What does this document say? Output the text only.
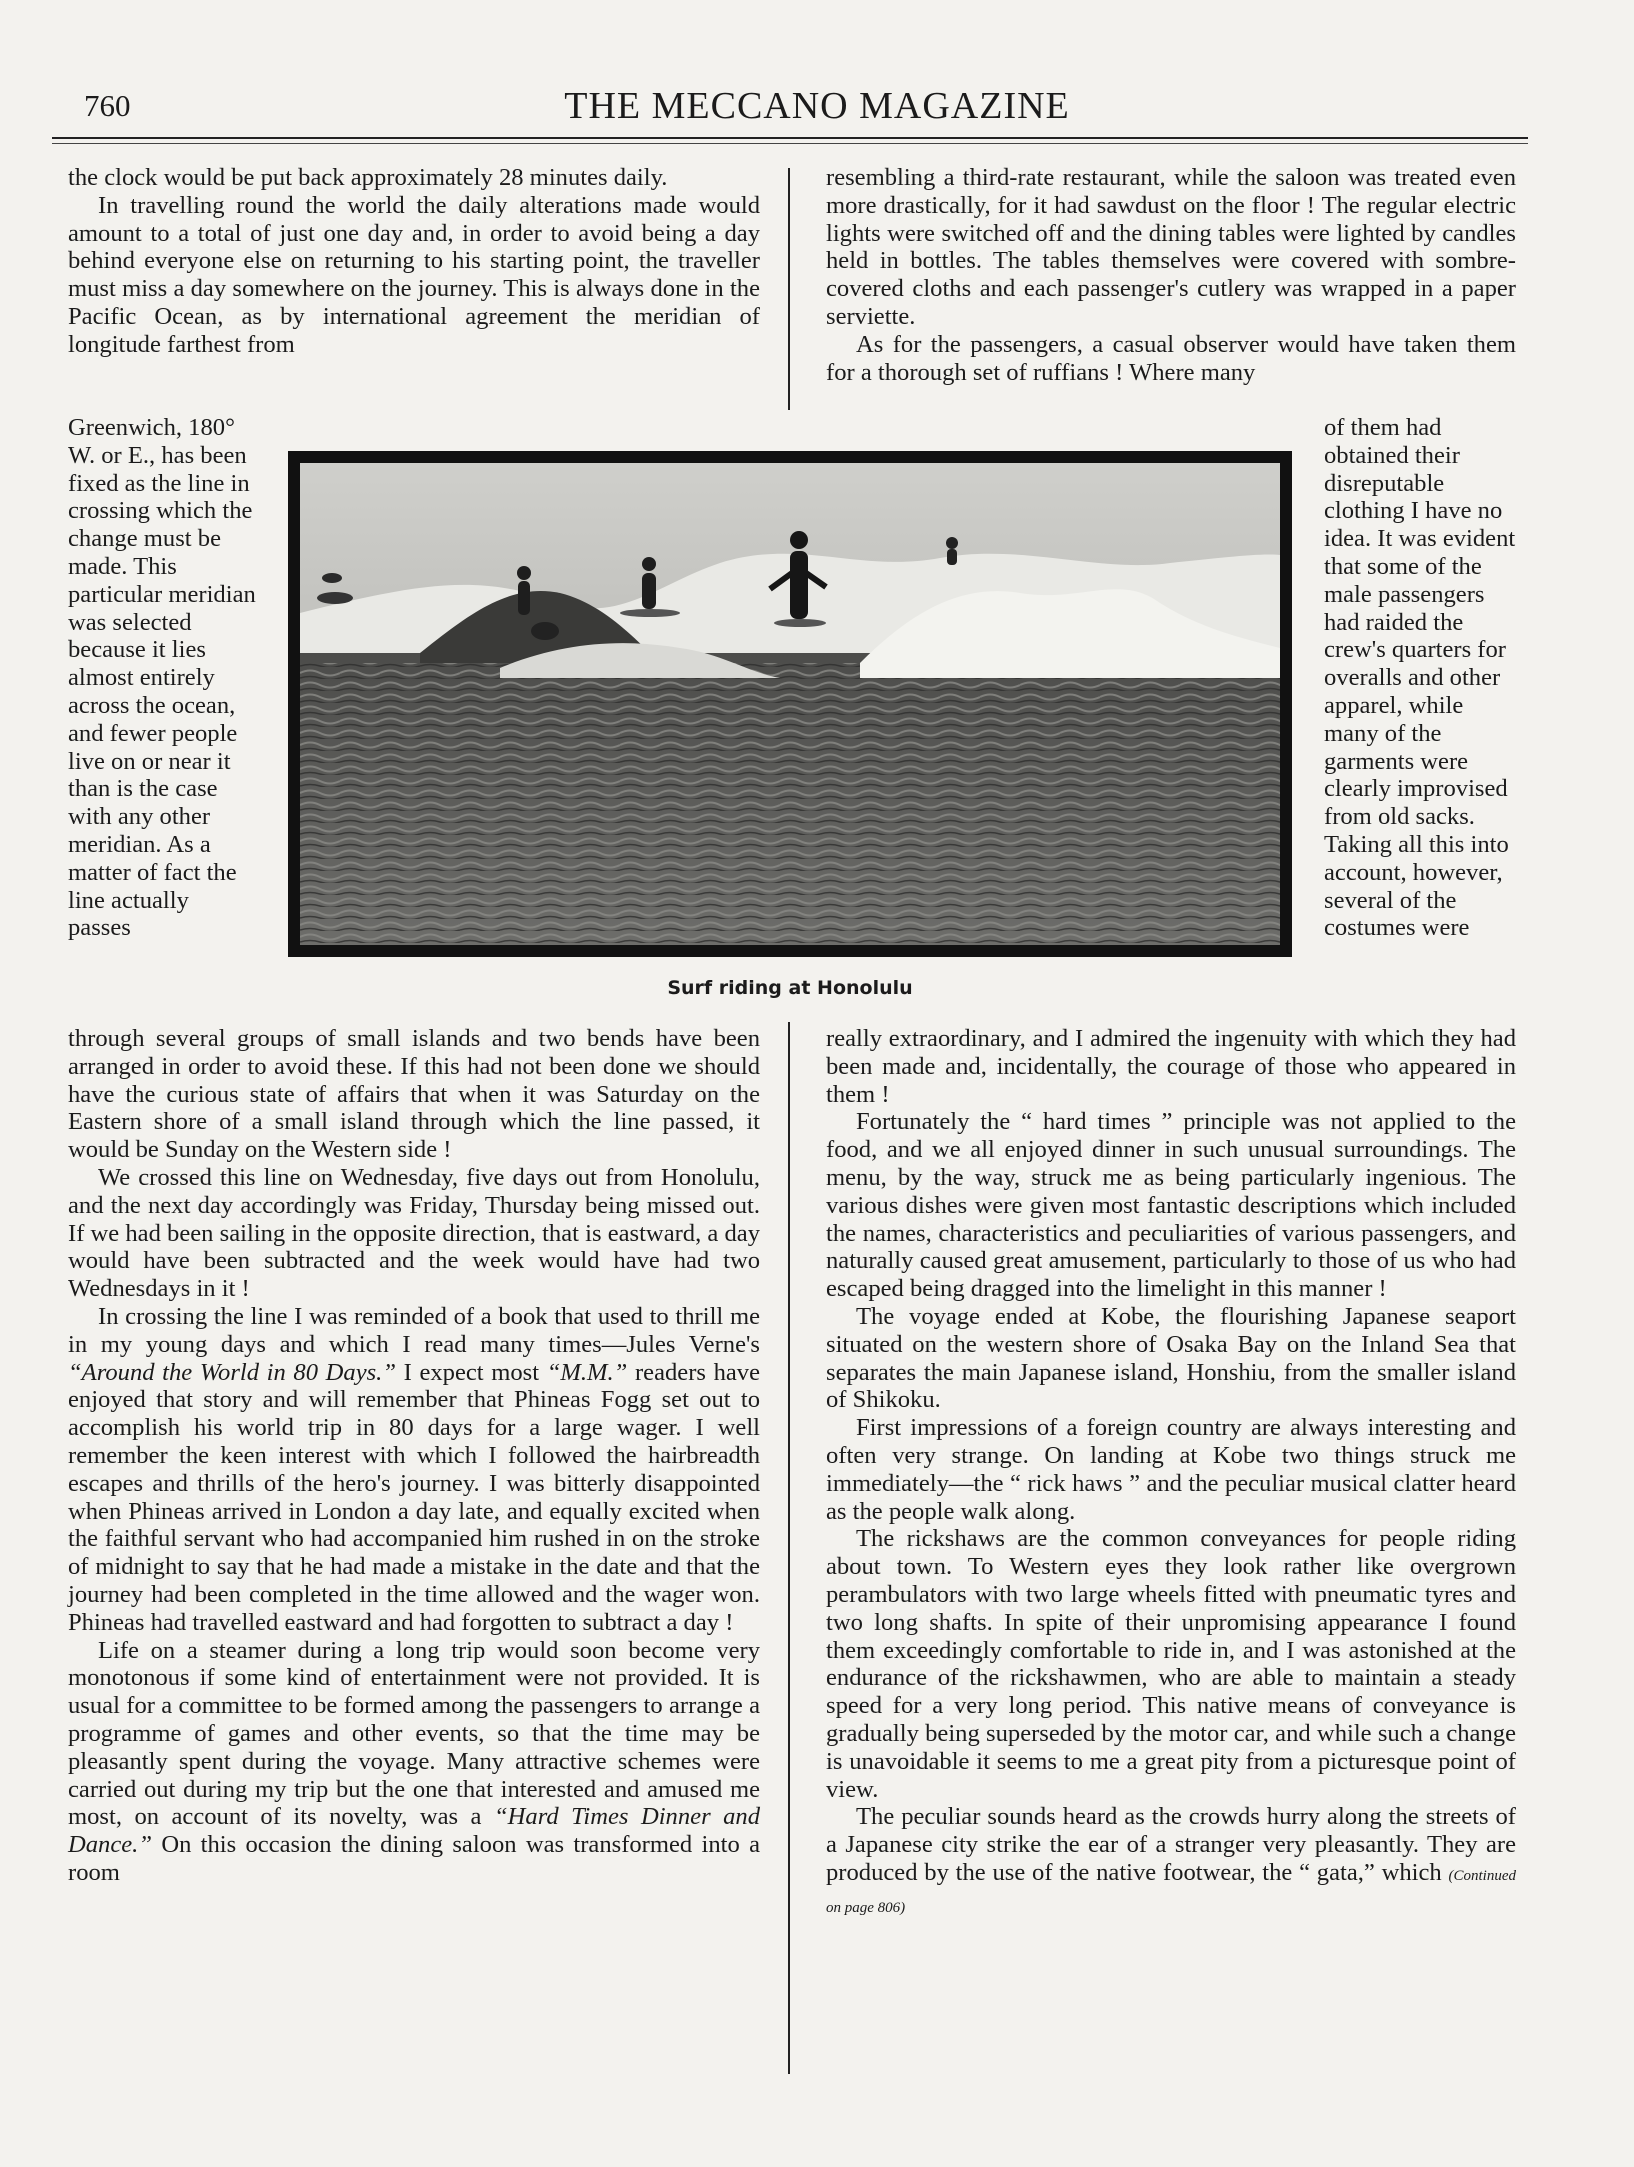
760	THE MECCANO MAGAZINE

the clock would be put back approximately 28 minutes daily.

In travelling round the world the daily alterations made would amount to a total of just one day and, in order to avoid being a day behind everyone else on returning to his starting point, the traveller must miss a day somewhere on the journey. This is always done in the Pacific Ocean, as by international agreement the meridian of longitude farthest from

Greenwich, 180° W. or E., has been fixed as the line in crossing which the change must be made. This particular meridian was selected because it lies almost entirely across the ocean, and fewer people live on or near it than is the case with any other meridian. As a matter of fact the line actually passes

through several groups of small islands and two bends have been arranged in order to avoid these. If this had not been done we should have the curious state of affairs that when it was Saturday on the Eastern shore of a small island through which the line passed, it would be Sunday on the Western side !

We crossed this line on Wednesday, five days out from Honolulu, and the next day accordingly was Friday, Thursday being missed out. If we had been sailing in the opposite direction, that is eastward, a day would have been subtracted and the week would have had two Wednesdays in it !

In crossing the line I was reminded of a book that used to thrill me in my young days and which I read many times—Jules Verne's “Around the World in 80 Days.” I expect most “M.M.” readers have enjoyed that story and will remember that Phineas Fogg set out to accomplish his world trip in 80 days for a large wager. I well remember the keen interest with which I followed the hairbreadth escapes and thrills of the hero's journey. I was bitterly disappointed when Phineas arrived in London a day late, and equally excited when the faithful servant who had accompanied him rushed in on the stroke of midnight to say that he had made a mistake in the date and that the journey had been completed in the time allowed and the wager won. Phineas had travelled eastward and had forgotten to subtract a day !

Life on a steamer during a long trip would soon become very monotonous if some kind of entertainment were not provided. It is usual for a committee to be formed among the passengers to arrange a programme of games and other events, so that the time may be pleasantly spent during the voyage. Many attractive schemes were carried out during my trip but the one that interested and amused me most, on account of its novelty, was a “Hard Times Dinner and Dance.” On this occasion the dining saloon was transformed into a room

resembling a third-rate restaurant, while the saloon was treated even more drastically, for it had sawdust on the floor ! The regular electric lights were switched off and the dining tables were lighted by candles held in bottles. The tables themselves were covered with sombre-covered cloths and each passenger's cutlery was wrapped in a paper serviette.

As for the passengers, a casual observer would have taken them for a thorough set of ruffians ! Where many

of them had obtained their disreputable clothing I have no idea. It was evident that some of the male passengers had raided the crew's quarters for overalls and other apparel, while many of the garments were clearly improvised from old sacks. Taking all this into account, however, several of the costumes were

really extraordinary, and I admired the ingenuity with which they had been made and, incidentally, the courage of those who appeared in them !

Fortunately the “ hard times ” principle was not applied to the food, and we all enjoyed dinner in such unusual surroundings. The menu, by the way, struck me as being particularly ingenious. The various dishes were given most fantastic descriptions which included the names, characteristics and peculiarities of various passengers, and naturally caused great amusement, particularly to those of us who had escaped being dragged into the limelight in this manner !

The voyage ended at Kobe, the flourishing Japanese seaport situated on the western shore of Osaka Bay on the Inland Sea that separates the main Japanese island, Honshiu, from the smaller island of Shikoku.

First impressions of a foreign country are always interesting and often very strange. On landing at Kobe two things struck me immediately—the “ rick haws ” and the peculiar musical clatter heard as the people walk along.

The rickshaws are the common conveyances for people riding about town. To Western eyes they look rather like overgrown perambulators with two large wheels fitted with pneumatic tyres and two long shafts. In spite of their unpromising appearance I found them exceedingly comfortable to ride in, and I was astonished at the endurance of the rickshawmen, who are able to maintain a steady speed for a very long period. This native means of conveyance is gradually being superseded by the motor car, and while such a change is unavoidable it seems to me a great pity from a picturesque point of view.

The peculiar sounds heard as the crowds hurry along the streets of a Japanese city strike the ear of a stranger very pleasantly. They are produced by the use of the native footwear, the “ gata,” which (Continued on page 806)

Surf riding at Honolulu
